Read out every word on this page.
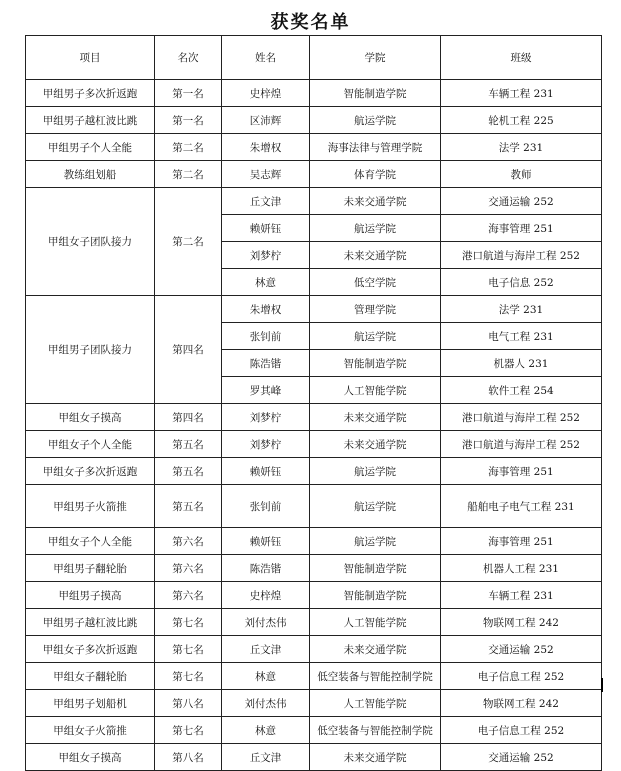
获奖名单
项目	名次	姓名	学院	班级
甲组男子多次折返跑	第一名	史梓煌	智能制造学院	车辆工程 231
甲组男子越杠波比跳	第一名	区沛辉	航运学院	轮机工程 225
甲组男子个人全能	第二名	朱增权	海事法律与管理学院	法学 231
教练组划船	第二名	吴志辉	体育学院	教师
甲组女子团队接力	第二名	丘文津	未来交通学院	交通运输 252
		赖妍钰	航运学院	海事管理 251
		刘梦柠	未来交通学院	港口航道与海岸工程 252
		林意	低空学院	电子信息 252
甲组男子团队接力	第四名	朱增权	管理学院	法学 231
		张钊前	航运学院	电气工程 231
		陈浩锴	智能制造学院	机器人 231
		罗其峰	人工智能学院	软件工程 254
甲组女子摸高	第四名	刘梦柠	未来交通学院	港口航道与海岸工程 252
甲组女子个人全能	第五名	刘梦柠	未来交通学院	港口航道与海岸工程 252
甲组女子多次折返跑	第五名	赖妍钰	航运学院	海事管理 251
甲组男子火箭推	第五名	张钊前	航运学院	船舶电子电气工程 231
甲组女子个人全能	第六名	赖妍钰	航运学院	海事管理 251
甲组男子翻轮胎	第六名	陈浩锴	智能制造学院	机器人工程 231
甲组男子摸高	第六名	史梓煌	智能制造学院	车辆工程 231
甲组男子越杠波比跳	第七名	刘付杰伟	人工智能学院	物联网工程 242
甲组女子多次折返跑	第七名	丘文津	未来交通学院	交通运输 252
甲组女子翻轮胎	第七名	林意	低空装备与智能控制学院	电子信息工程 252
甲组男子划船机	第八名	刘付杰伟	人工智能学院	物联网工程 242
甲组女子火箭推	第七名	林意	低空装备与智能控制学院	电子信息工程 252
甲组女子摸高	第八名	丘文津	未来交通学院	交通运输 252
